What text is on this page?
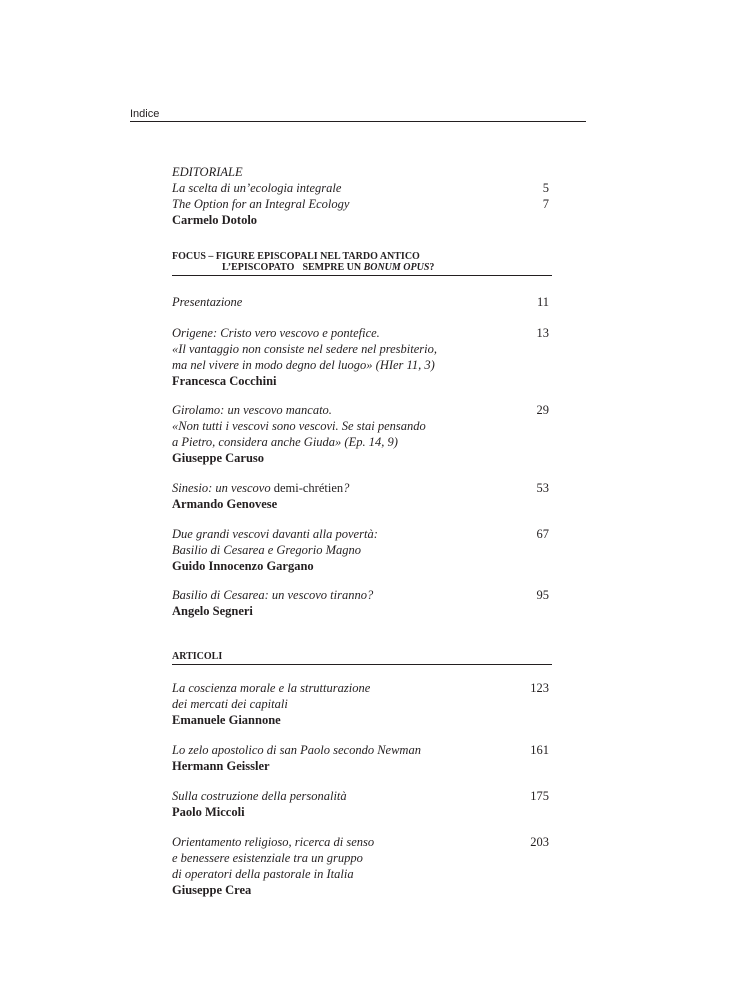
Indice
EDITORIALE
La scelta di un’ecologia integrale	5
The Option for an Integral Ecology	7
Carmelo Dotolo
FOCUS – FIGURE EPISCOPALI NEL TARDO ANTICO
L’EPISCOPATO SEMPRE UN BONUM OPUS?
Presentazione	11
Origene: Cristo vero vescovo e pontefice.	13
«Il vantaggio non consiste nel sedere nel presbiterio,
ma nel vivere in modo degno del luogo» (HIer 11, 3)
Francesca Cocchini
Girolamo: un vescovo mancato.	29
«Non tutti i vescovi sono vescovi. Se stai pensando
a Pietro, considera anche Giuda» (Ep. 14, 9)
Giuseppe Caruso
Sinesio: un vescovo demi-chrétien?	53
Armando Genovese
Due grandi vescovi davanti alla povertà:	67
Basilio di Cesarea e Gregorio Magno
Guido Innocenzo Gargano
Basilio di Cesarea: un vescovo tiranno?	95
Angelo Segneri
ARTICOLI
La coscienza morale e la strutturazione	123
dei mercati dei capitali
Emanuele Giannone
Lo zelo apostolico di san Paolo secondo Newman	161
Hermann Geissler
Sulla costruzione della personalità	175
Paolo Miccoli
Orientamento religioso, ricerca di senso	203
e benessere esistenziale tra un gruppo
di operatori della pastorale in Italia
Giuseppe Crea
